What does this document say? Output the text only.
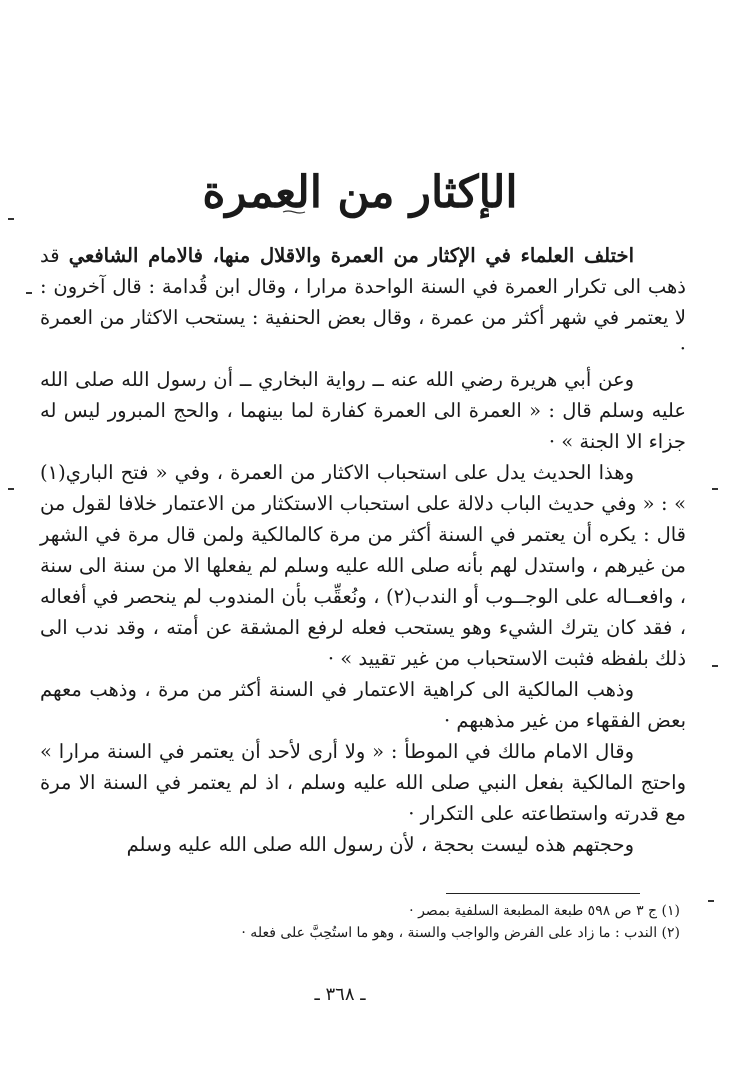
الإكثار من العمرة

اختلف العلماء في الإكثار من العمرة والاقلال منها، فالامام الشافعي قد ذهب الى تكرار العمرة في السنة الواحدة مرارا ، وقال ابن قُدامة : قال آخرون : لا يعتمر في شهر أكثر من عمرة ، وقال بعض الحنفية : يستحب الاكثار من العمرة ·

وعن أبي هريرة رضي الله عنه ــ رواية البخاري ــ أن رسول الله صلى الله عليه وسلم قال : « العمرة الى العمرة كفارة لما بينهما ، والحج المبرور ليس له جزاء الا الجنة » ·

وهذا الحديث يدل على استحباب الاكثار من العمرة ، وفي « فتح الباري(١) » : « وفي حديث الباب دلالة على استحباب الاستكثار من الاعتمار خلافا لقول من قال : يكره أن يعتمر في السنة أكثر من مرة كالمالكية ولمن قال مرة في الشهر من غيرهم ، واستدل لهم بأنه صلى الله عليه وسلم لم يفعلها الا من سنة الى سنة ، وافعــاله على الوجــوب أو الندب(٢) ، ونُعقِّب بأن المندوب لم ينحصر في أفعاله ، فقد كان يترك الشيء وهو يستحب فعله لرفع المشقة عن أمته ، وقد ندب الى ذلك بلفظه فثبت الاستحباب من غير تقييد » ·

وذهب المالكية الى كراهية الاعتمار في السنة أكثر من مرة ، وذهب معهم بعض الفقهاء من غير مذهبهم ·

وقال الامام مالك في الموطأ : « ولا أرى لأحد أن يعتمر في السنة مرارا » واحتج المالكية بفعل النبي صلى الله عليه وسلم ، اذ لم يعتمر في السنة الا مرة مع قدرته واستطاعته على التكرار ·

وحجتهم هذه ليست بحجة ، لأن رسول الله صلى الله عليه وسلم

(١) ج ٣ ص ٥٩٨ طبعة المطبعة السلفية بمصر ·
(٢) الندب : ما زاد على الفرض والواجب والسنة ، وهو ما استُحِبَّ على فعله ·
ـ ٣٦٨ ـ
